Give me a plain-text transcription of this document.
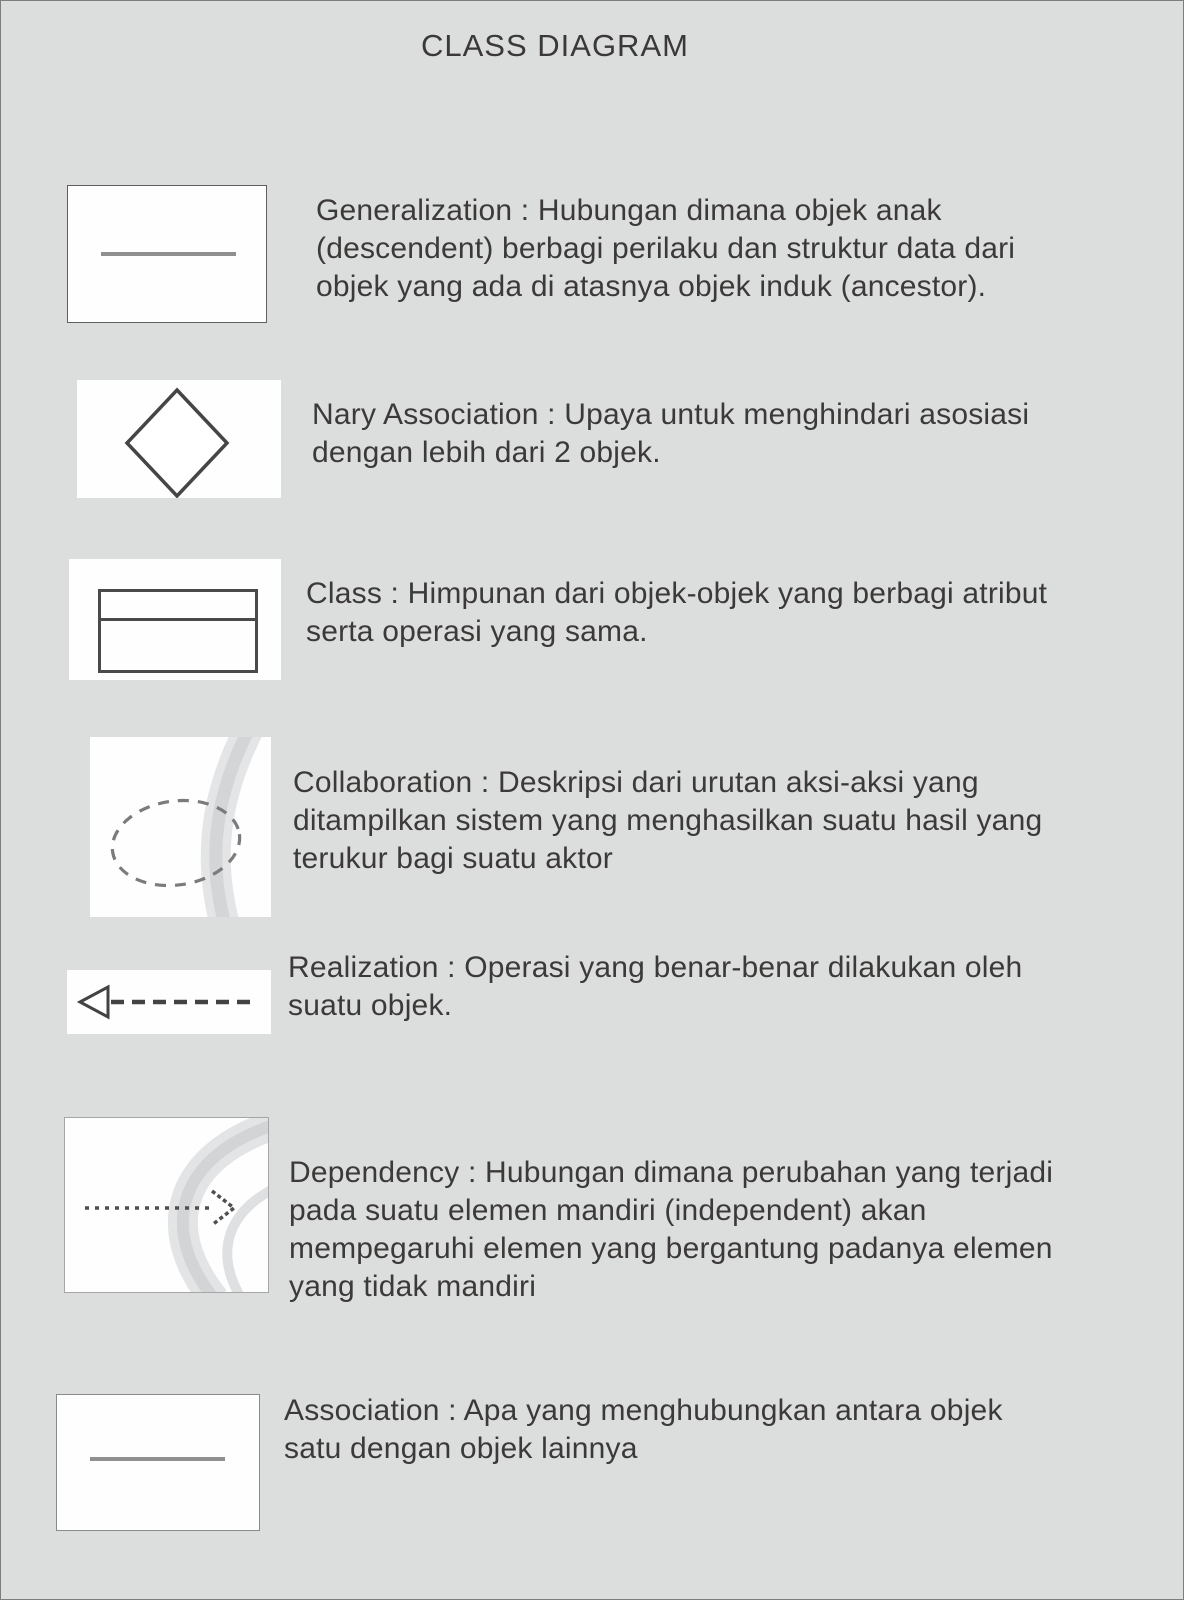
CLASS DIAGRAM
Generalization : Hubungan dimana objek anak
(descendent) berbagi perilaku dan struktur data dari
objek yang ada di atasnya objek induk (ancestor).
Nary Association : Upaya untuk menghindari asosiasi
dengan lebih dari 2 objek.
Class : Himpunan dari objek-objek yang berbagi atribut
serta operasi yang sama.
Collaboration : Deskripsi dari urutan aksi-aksi yang
ditampilkan sistem yang menghasilkan suatu hasil yang
terukur bagi suatu aktor
Realization : Operasi yang benar-benar dilakukan oleh
suatu objek.
Dependency : Hubungan dimana perubahan yang terjadi
pada suatu elemen mandiri (independent) akan
mempegaruhi elemen yang bergantung padanya elemen
yang tidak mandiri
Association : Apa yang menghubungkan antara objek
satu dengan objek lainnya
